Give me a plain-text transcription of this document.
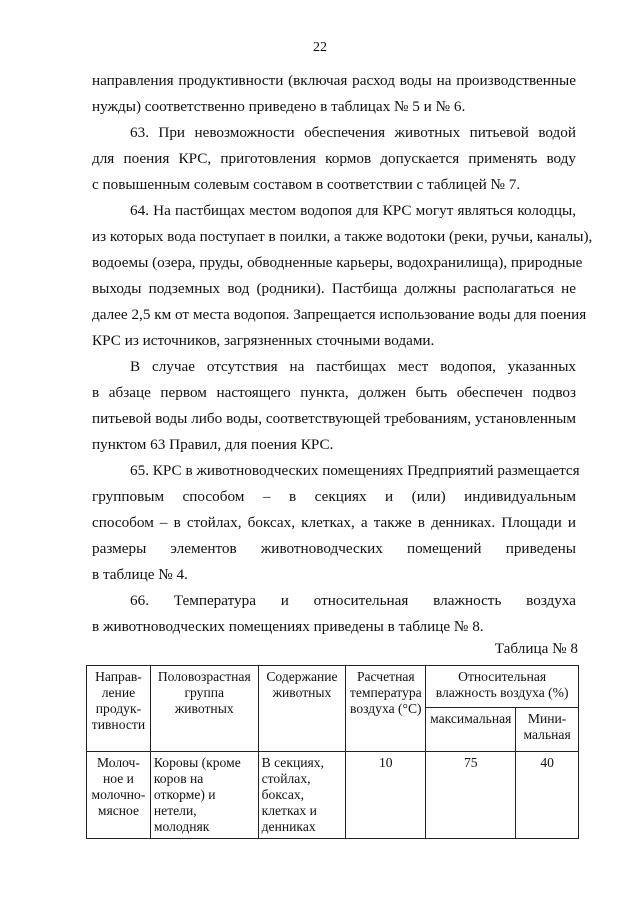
22
направления продуктивности (включая расход воды на производственные
нужды) соответственно приведено в таблицах № 5 и № 6.
63. При невозможности обеспечения животных питьевой водой
для поения КРС, приготовления кормов допускается применять воду
с повышенным солевым составом в соответствии с таблицей № 7.
64. На пастбищах местом водопоя для КРС могут являться колодцы,
из которых вода поступает в поилки, а также водотоки (реки, ручьи, каналы),
водоемы (озера, пруды, обводненные карьеры, водохранилища), природные
выходы подземных вод (родники). Пастбища должны располагаться не
далее 2,5 км от места водопоя. Запрещается использование воды для поения
КРС из источников, загрязненных сточными водами.
В случае отсутствия на пастбищах мест водопоя, указанных
в абзаце первом настоящего пункта, должен быть обеспечен подвоз
питьевой воды либо воды, соответствующей требованиям, установленным
пунктом 63 Правил, для поения КРС.
65. КРС в животноводческих помещениях Предприятий размещается
групповым способом – в секциях и (или) индивидуальным
способом – в стойлах, боксах, клетках, а также в денниках. Площади и
размеры элементов животноводческих помещений приведены
в таблице № 4.
66. Температура и относительная влажность воздуха
в животноводческих помещениях приведены в таблице № 8.
Таблица № 8
Направ-ление продук-тивности	Половозрастная группа животных	Содержание животных	Расчетная температура воздуха (°C)	Относительная влажность воздуха (%)	
				максимальная	Мини-мальная
Молоч-ное и молочно-мясное	Коровы (кроме коров на откорме) и нетели, молодняк	В секциях, стойлах, боксах, клетках и денниках	10	75	40
